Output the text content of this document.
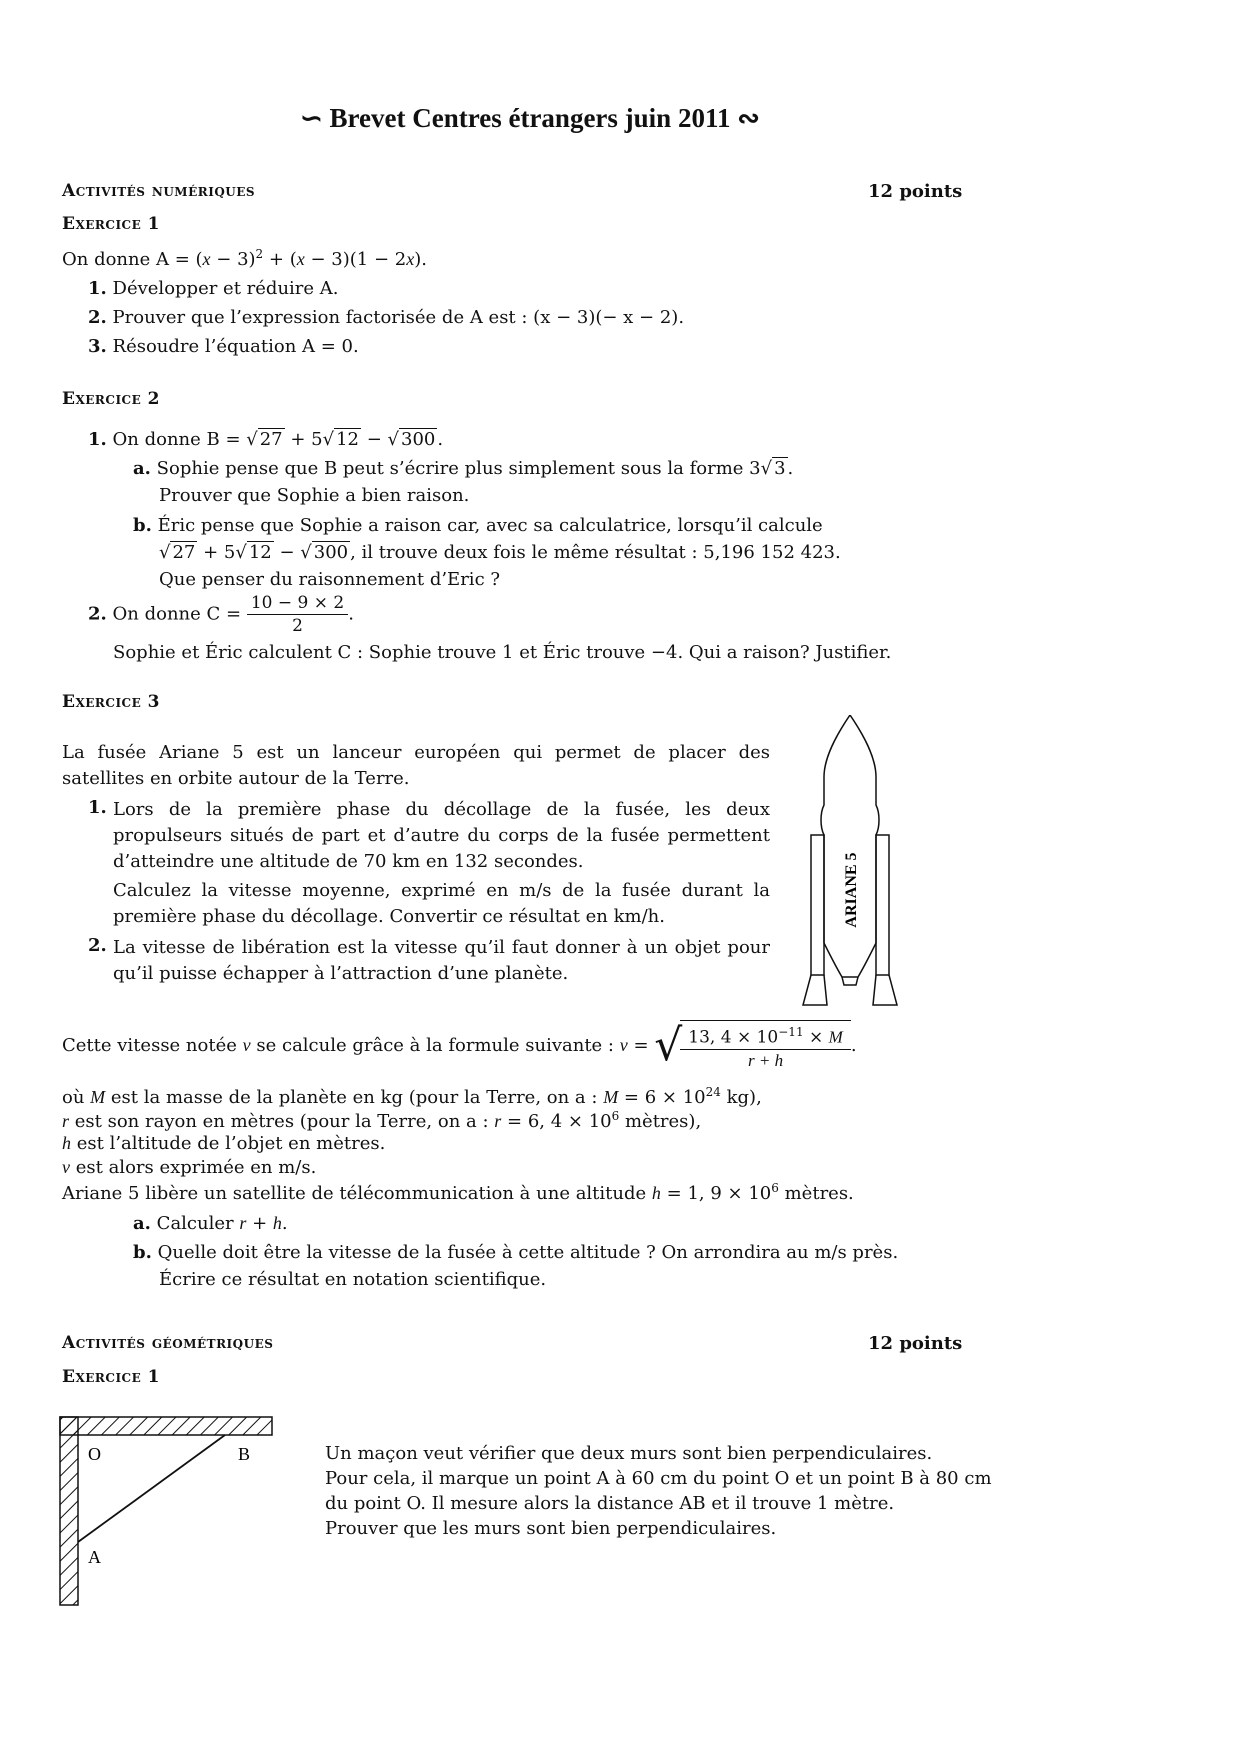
∽ Brevet Centres étrangers juin 2011 ∾
Activités numériques	12 points
Exercice 1
On donne $A = (x - 3)^2 + (x - 3)(1 - 2x)$.
1. Développer et réduire A.
2. Prouver que l’expression factorisée de A est : (x − 3)(− x − 2).
3. Résoudre l’équation A = 0.
Exercice 2
1. On donne B = √ 27 + 5√ 12 − √ 300 .
a. Sophie pense que B peut s’écrire plus simplement sous la forme 3√ 3 .
Prouver que Sophie a bien raison.
b. Éric pense que Sophie a raison car, avec sa calculatrice, lorsqu’il calcule
√ 27 + 5√ 12 − √ 300 , il trouve deux fois le même résultat : 5,196 152 423.
Que penser du raisonnement d’Eric ?
2. On donne $C = \frac{10 - 9 \times 2}{2}$ .
Sophie et Éric calculent C : Sophie trouve 1 et Éric trouve −4. Qui a raison? Justifier.
Exercice 3
La fusée Ariane 5 est un lanceur européen qui permet de placer des satellites en orbite autour de la Terre.
1. Lors de la première phase du décollage de la fusée, les deux propulseurs situés de part et d’autre du corps de la fusée permettent d’atteindre une altitude de 70 km en 132 secondes.
Calculez la vitesse moyenne, exprimé en m/s de la fusée durant la première phase du décollage. Convertir ce résultat en km/h.
2. La vitesse de libération est la vitesse qu’il faut donner à un objet pour qu’il puisse échapper à l’attraction d’une planète.
ARIANE 5
Cette vitesse notée v se calcule grâce à la formule suivante : v = √
$\frac{13, 4 \times 10^{-11} \times M}{r + h}$ .
où M est la masse de la planète en kg (pour la Terre, on a : $M = 6 \times 10^{24}$ kg),
r est son rayon en mètres (pour la Terre, on a : r = 6, $4 \times 10^6$ mètres),
h est l’altitude de l’objet en mètres.
v est alors exprimée en m/s.
Ariane 5 libère un satellite de télécommunication à une altitude h = 1, $9 \times 10^6$ mètres.
a. Calculer r + h.
b. Quelle doit être la vitesse de la fusée à cette altitude ? On arrondira au m/s près.
Écrire ce résultat en notation scientifique.
Activités géométriques	12 points
Exercice 1
O	B
A
Un maçon veut vérifier que deux murs sont bien perpendiculaires.
Pour cela, il marque un point A à 60 cm du point O et un point B à 80 cm
du point O. Il mesure alors la distance AB et il trouve 1 mètre.
Prouver que les murs sont bien perpendiculaires.
